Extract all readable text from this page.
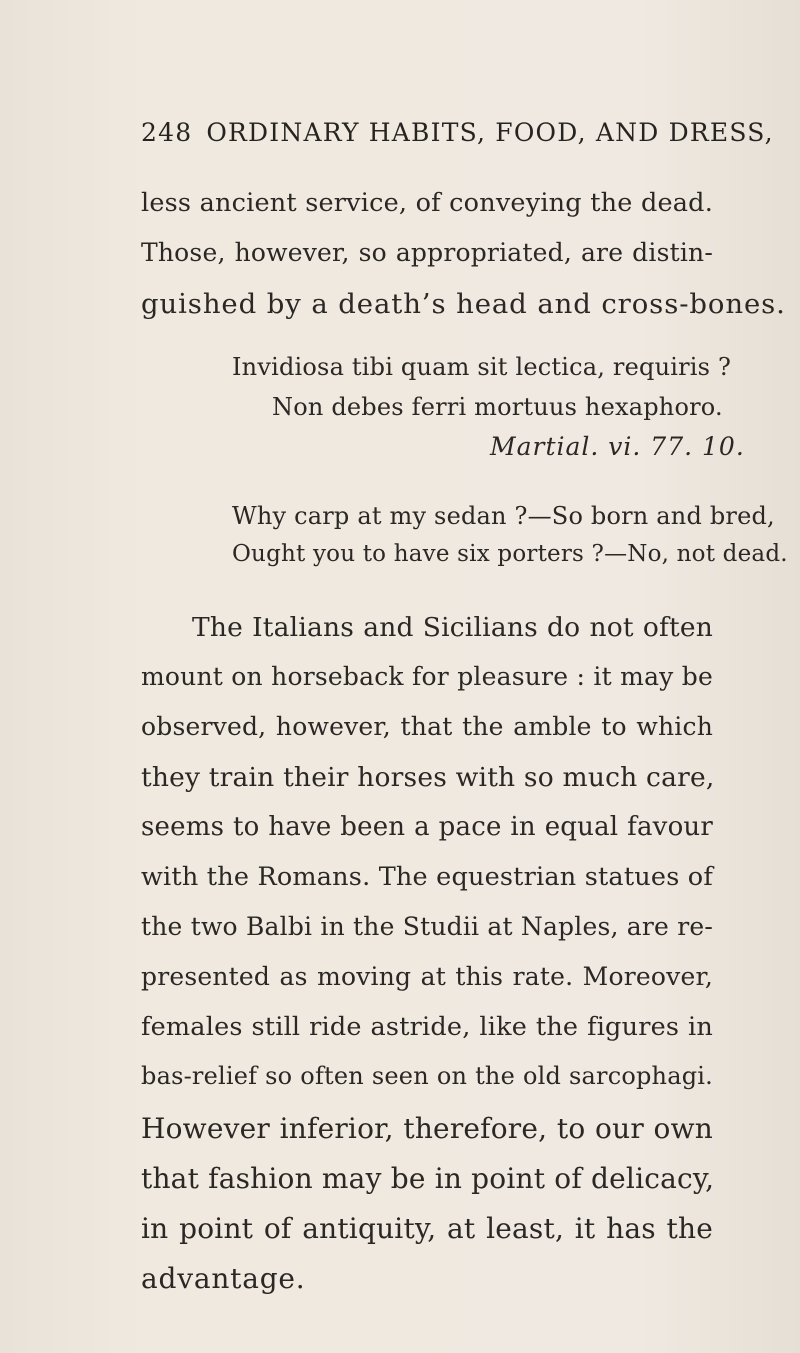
248 ORDINARY HABITS, FOOD, AND DRESS,
less ancient service, of conveying the dead.
Those, however, so appropriated, are distin-
guished by a death’s head and cross-bones.
Invidiosa tibi quam sit lectica, requiris ?
Non debes ferri mortuus hexaphoro.
Martial. vi. 77. 10.
Why carp at my sedan ?—So born and bred,
Ought you to have six porters ?—No, not dead.
The Italians and Sicilians do not often
mount on horseback for pleasure : it may be
observed, however, that the amble to which
they train their horses with so much care,
seems to have been a pace in equal favour
with the Romans. The equestrian statues of
the two Balbi in the Studii at Naples, are re-
presented as moving at this rate. Moreover,
females still ride astride, like the figures in
bas-relief so often seen on the old sarcophagi.
However inferior, therefore, to our own
that fashion may be in point of delicacy,
in point of antiquity, at least, it has the
advantage.
